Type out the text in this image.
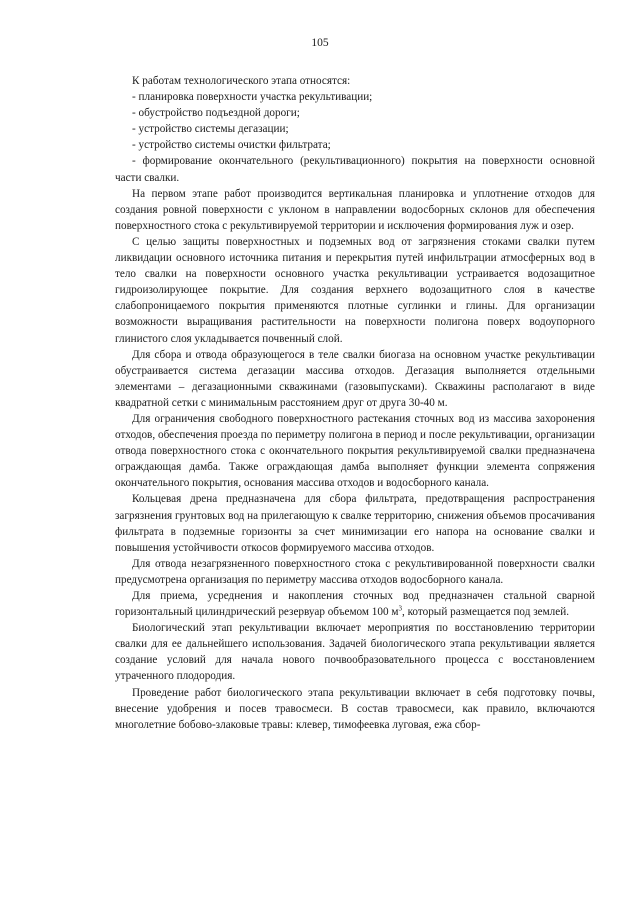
105

К работам технологического этапа относятся:

- планировка поверхности участка рекультивации;

- обустройство подъездной дороги;

- устройство системы дегазации;

- устройство системы очистки фильтрата;

- формирование окончательного (рекультивационного) покрытия на поверхности основной части свалки.

На первом этапе работ производится вертикальная планировка и уплотнение отходов для создания ровной поверхности с уклоном в направлении водосборных склонов для обеспечения поверхностного стока с рекультивируемой территории и исключения формирования луж и озер.

С целью защиты поверхностных и подземных вод от загрязнения стоками свалки путем ликвидации основного источника питания и перекрытия путей инфильтрации атмосферных вод в тело свалки на поверхности основного участка рекультивации устраивается водозащитное гидроизолирующее покрытие. Для создания верхнего водозащитного слоя в качестве слабопроницаемого покрытия применяются плотные суглинки и глины. Для организации возможности выращивания растительности на поверхности полигона поверх водоупорного глинистого слоя укладывается почвенный слой.

Для сбора и отвода образующегося в теле свалки биогаза на основном участке рекультивации обустраивается система дегазации массива отходов. Дегазация выполняется отдельными элементами – дегазационными скважинами (газовыпусками). Скважины располагают в виде квадратной сетки с минимальным расстоянием друг от друга 30-40 м.

Для ограничения свободного поверхностного растекания сточных вод из массива захоронения отходов, обеспечения проезда по периметру полигона в период и после рекультивации, организации отвода поверхностного стока с окончательного покрытия рекультивируемой свалки предназначена ограждающая дамба. Также ограждающая дамба выполняет функции элемента сопряжения окончательного покрытия, основания массива отходов и водосборного канала.

Кольцевая дрена предназначена для сбора фильтрата, предотвращения распространения загрязнения грунтовых вод на прилегающую к свалке территорию, снижения объемов просачивания фильтрата в подземные горизонты за счет минимизации его напора на основание свалки и повышения устойчивости откосов формируемого массива отходов.

Для отвода незагрязненного поверхностного стока с рекультивированной поверхности свалки предусмотрена организация по периметру массива отходов водосборного канала.

Для приема, усреднения и накопления сточных вод предназначен стальной сварной горизонтальный цилиндрический резервуар объемом 100 $м^3$, который размещается под землей.

Биологический этап рекультивации включает мероприятия по восстановлению территории свалки для ее дальнейшего использования. Задачей биологического этапа рекультивации является создание условий для начала нового почвообразовательного процесса с восстановлением утраченного плодородия.

Проведение работ биологического этапа рекультивации включает в себя подготовку почвы, внесение удобрения и посев травосмеси. В состав травосмеси, как правило, включаются многолетние бобово-злаковые травы: клевер, тимофеевка луговая, ежа сбор-
